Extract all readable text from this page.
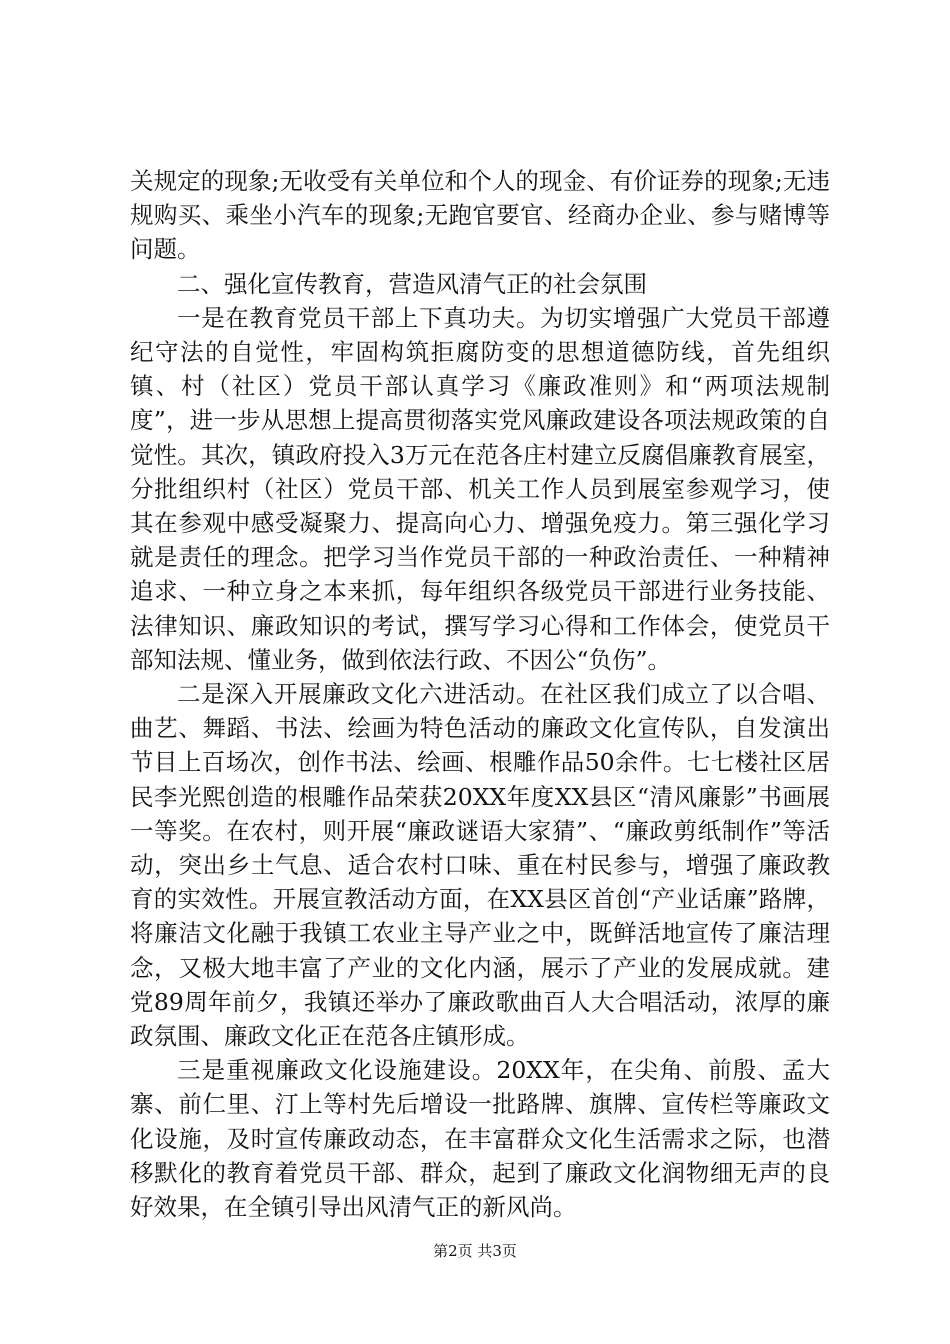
关规定的现象;无收受有关单位和个人的现金、有价证券的现象;无违规购买、乘坐小汽车的现象;无跑官要官、经商办企业、参与赌博等问题。

二、强化宣传教育，营造风清气正的社会氛围

一是在教育党员干部上下真功夫。为切实增强广大党员干部遵纪守法的自觉性，牢固构筑拒腐防变的思想道德防线，首先组织镇、村（社区）党员干部认真学习《廉政准则》和“两项法规制度”，进一步从思想上提高贯彻落实党风廉政建设各项法规政策的自觉性。其次，镇政府投入3万元在范各庄村建立反腐倡廉教育展室，分批组织村（社区）党员干部、机关工作人员到展室参观学习，使其在参观中感受凝聚力、提高向心力、增强免疫力。第三强化学习就是责任的理念。把学习当作党员干部的一种政治责任、一种精神追求、一种立身之本来抓，每年组织各级党员干部进行业务技能、法律知识、廉政知识的考试，撰写学习心得和工作体会，使党员干部知法规、懂业务，做到依法行政、不因公“负伤”。

二是深入开展廉政文化六进活动。在社区我们成立了以合唱、曲艺、舞蹈、书法、绘画为特色活动的廉政文化宣传队，自发演出节目上百场次，创作书法、绘画、根雕作品50余件。七七楼社区居民李光熙创造的根雕作品荣获20XX年度XX县区“清风廉影”书画展一等奖。在农村，则开展“廉政谜语大家猜”、“廉政剪纸制作”等活动，突出乡土气息、适合农村口味、重在村民参与，增强了廉政教育的实效性。开展宣教活动方面，在XX县区首创“产业话廉”路牌，将廉洁文化融于我镇工农业主导产业之中，既鲜活地宣传了廉洁理念，又极大地丰富了产业的文化内涵，展示了产业的发展成就。建党89周年前夕，我镇还举办了廉政歌曲百人大合唱活动，浓厚的廉政氛围、廉政文化正在范各庄镇形成。

三是重视廉政文化设施建设。20XX年，在尖角、前殷、孟大寨、前仁里、汀上等村先后增设一批路牌、旗牌、宣传栏等廉政文化设施，及时宣传廉政动态，在丰富群众文化生活需求之际，也潜移默化的教育着党员干部、群众，起到了廉政文化润物细无声的良好效果，在全镇引导出风清气正的新风尚。

第2页 共3页
